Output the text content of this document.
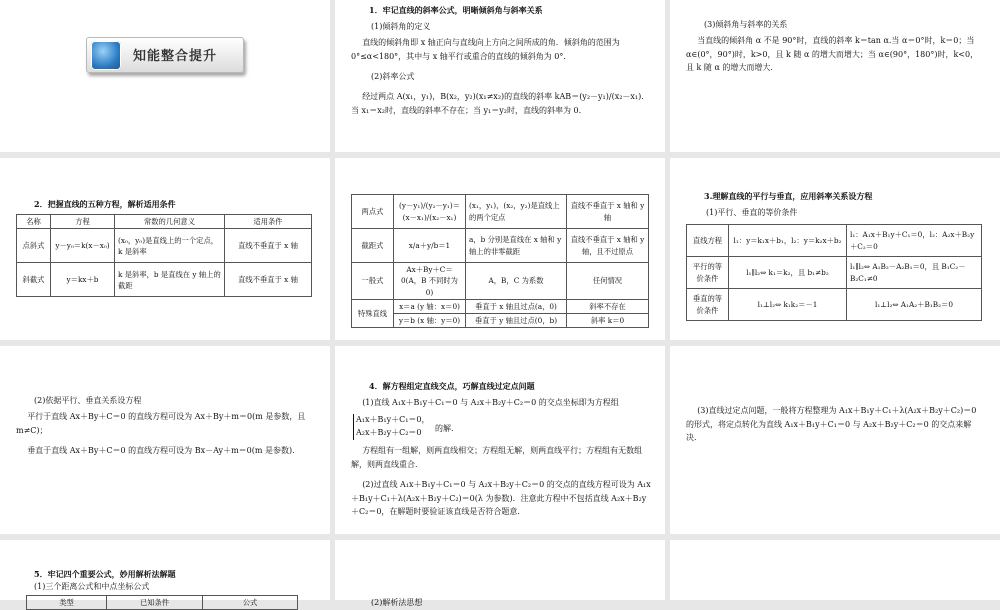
知能整合提升
1．牢记直线的斜率公式，明晰倾斜角与斜率关系
(1)倾斜角的定义
直线的倾斜角即 x 轴正向与直线向上方向之间所成的角．倾斜角的范围为0°≤α<180°，其中与 x 轴平行或重合的直线的倾斜角为 0°．
(2)斜率公式
经过两点 A(x₁，y₁)，B(x₂，y₂)(x₁≠x₂)的直线的斜率 kAB＝(y₂－y₁)/(x₂－x₁).当 x₁＝x₂时，直线的斜率不存在；当 y₁＝y₂时，直线的斜率为 0.
(3)倾斜角与斜率的关系
当直线的倾斜角 α 不是 90°时，直线的斜率 k＝tan α.当 α＝0°时，k＝0；当 α∈(0°，90°)时，k>0，且 k 随 α 的增大而增大；当 α∈(90°，180°)时，k<0，且 k 随 α 的增大而增大．
2．把握直线的五种方程，解析适用条件
名称	方程	常数的几何意义	适用条件
点斜式	y－y₀＝k(x－x₀)	(x₀，y₀)是直线上的一个定点，k 是斜率	直线不垂直于 x 轴
斜截式	y＝kx＋b	k 是斜率，b 是直线在 y 轴上的截距	直线不垂直于 x 轴
两点式	(y－y₁)/(y₂－y₁)＝(x－x₁)/(x₂－x₁)	(x₁，y₁)，(x₂，y₂)是直线上的两个定点	直线不垂直于 x 轴和 y 轴
截距式	x/a＋y/b＝1	a，b 分别是直线在 x 轴和 y 轴上的非零截距	直线不垂直于 x 轴和 y 轴，且不过原点
一般式	Ax＋By＋C＝0(A，B 不同时为 0)	A，B，C 为系数	任何情况
特殊直线	x＝a (y 轴：x＝0)	垂直于 x 轴且过点(a，0)	斜率不存在
	y＝b (x 轴：y＝0)	垂直于 y 轴且过点(0，b)	斜率 k＝0
3.理解直线的平行与垂直，应用斜率关系设方程
(1)平行、垂直的等价条件
直线方程	l₁：y＝k₁x＋b₁，l₂：y＝k₂x＋b₂	l₁：A₁x＋B₁y＋C₁＝0，l₂：A₂x＋B₂y＋C₂＝0
平行的等价条件	l₁∥l₂⇔ k₁＝k₂，且 b₁≠b₂	l₁∥l₂⇔ A₁B₂－A₂B₁＝0，且 B₁C₂－B₂C₁≠0
垂直的等价条件	l₁⊥l₂⇔ k₁k₂＝－1	l₁⊥l₂⇔ A₁A₂＋B₁B₂＝0
(2)依据平行、垂直关系设方程
平行于直线 Ax＋By＋C＝0 的直线方程可设为 Ax＋By＋m＝0(m 是参数，且 m≠C)；
垂直于直线 Ax＋By＋C＝0 的直线方程可设为 Bx－Ay＋m＝0(m 是参数).
4．解方程组定直线交点，巧解直线过定点问题
(1)直线 A₁x＋B₁y＋C₁＝0 与 A₂x＋B₂y＋C₂＝0 的交点坐标即为方程组
A₁x＋B₁y＋C₁＝0，
A₂x＋B₂y＋C₂＝0	的解．
方程组有一组解，则两直线相交；方程组无解，则两直线平行；方程组有无数组解，则两直线重合．
(2)过直线 A₁x＋B₁y＋C₁＝0 与 A₂x＋B₂y＋C₂＝0 的交点的直线方程可设为 A₁x＋B₁y＋C₁＋λ(A₂x＋B₂y＋C₂)＝0(λ 为参数)．注意此方程中不包括直线 A₂x＋B₂y＋C₂＝0，在解题时要验证该直线是否符合题意．
(3)直线过定点问题，一般将方程整理为 A₁x＋B₁y＋C₁＋λ(A₂x＋B₂y＋C₂)＝0 的形式，将定点转化为直线 A₁x＋B₁y＋C₁＝0 与 A₂x＋B₂y＋C₂＝0 的交点来解决．
5．牢记四个重要公式，妙用解析法解题
(1)三个距离公式和中点坐标公式
类型	已知条件	公式	(2)解析法思想
